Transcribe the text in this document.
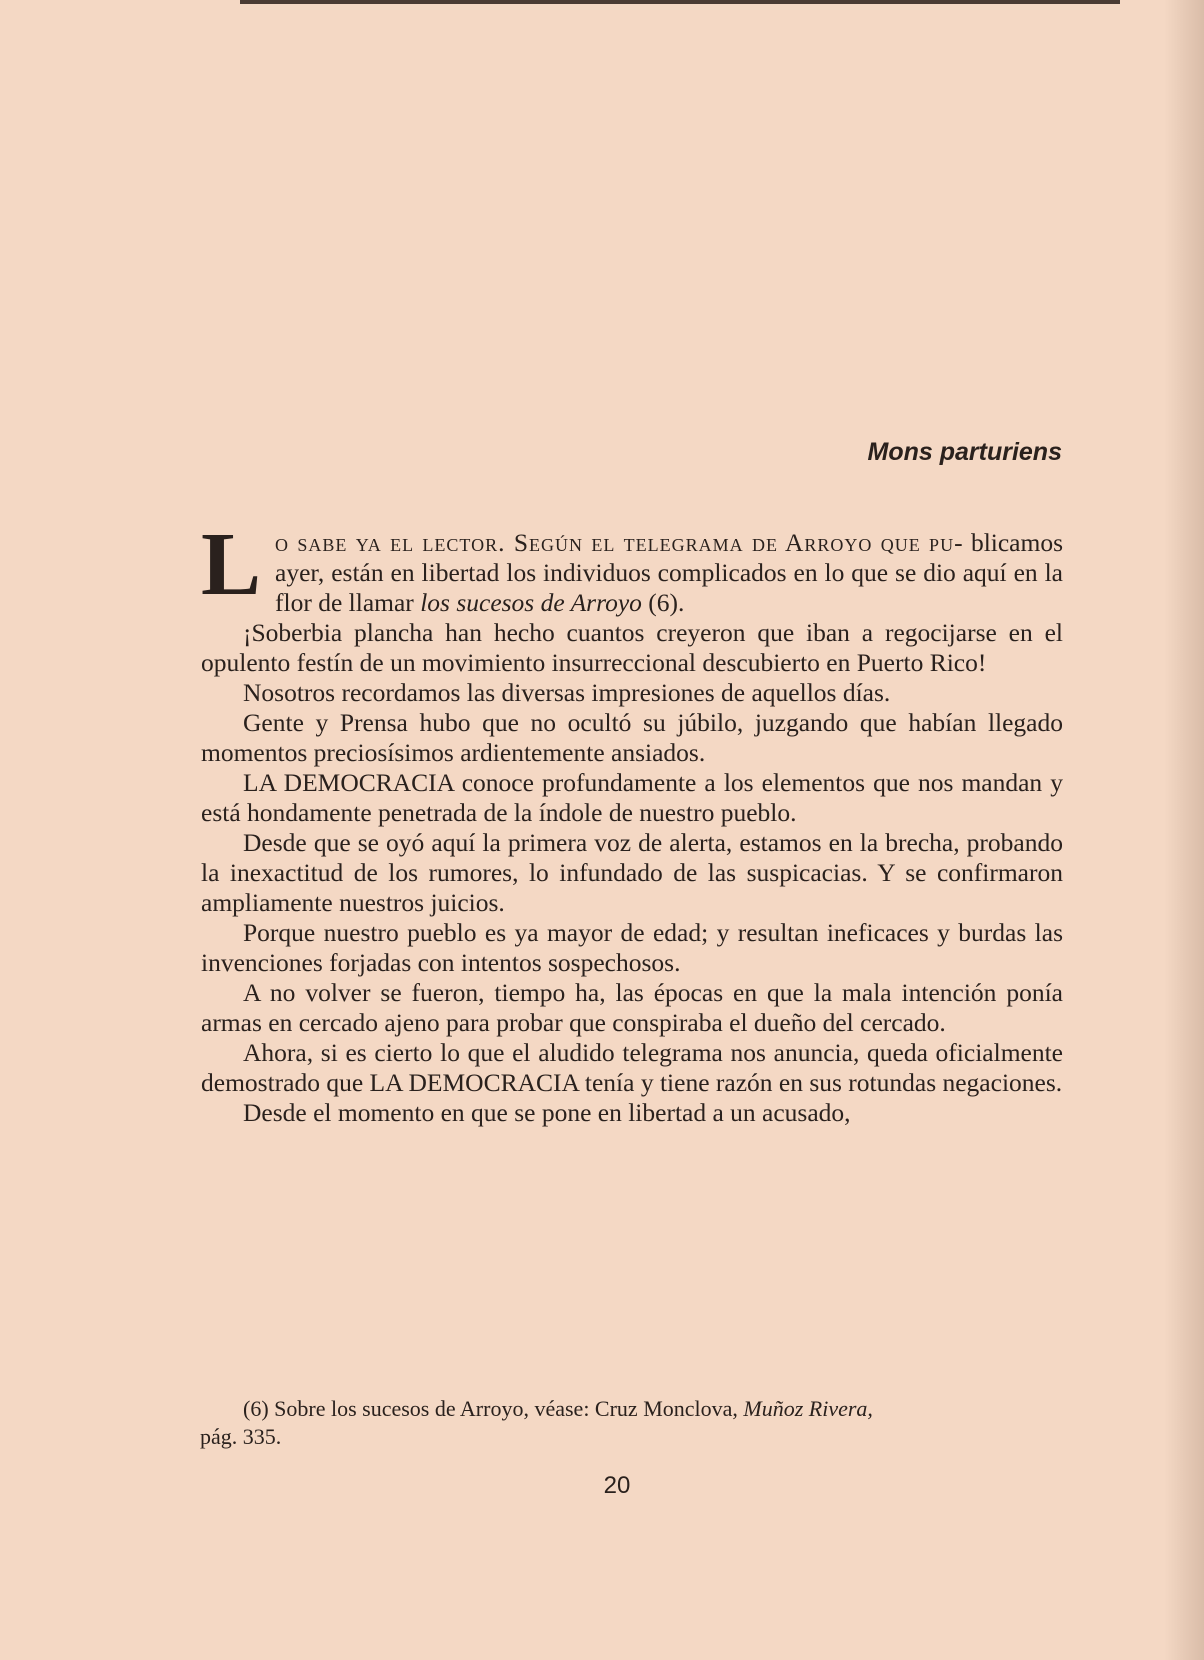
Mons parturiens

Lo sabe ya el lector. Según el telegrama de Arroyo que pu- blicamos ayer, están en libertad los individuos complicados en lo que se dio aquí en la flor de llamar los sucesos de Arroyo (6).

¡Soberbia plancha han hecho cuantos creyeron que iban a regocijarse en el opulento festín de un movimiento insurreccional descubierto en Puerto Rico!

Nosotros recordamos las diversas impresiones de aquellos días.

Gente y Prensa hubo que no ocultó su júbilo, juzgando que habían llegado momentos preciosísimos ardientemente ansiados.

LA DEMOCRACIA conoce profundamente a los elementos que nos mandan y está hondamente penetrada de la índole de nuestro pueblo.

Desde que se oyó aquí la primera voz de alerta, estamos en la brecha, probando la inexactitud de los rumores, lo infundado de las suspicacias. Y se confirmaron ampliamente nuestros juicios.

Porque nuestro pueblo es ya mayor de edad; y resultan ineficaces y burdas las invenciones forjadas con intentos sospechosos.

A no volver se fueron, tiempo ha, las épocas en que la mala intención ponía armas en cercado ajeno para probar que conspiraba el dueño del cercado.

Ahora, si es cierto lo que el aludido telegrama nos anuncia, queda oficialmente demostrado que LA DEMOCRACIA tenía y tiene razón en sus rotundas negaciones.

Desde el momento en que se pone en libertad a un acusado,

(6) Sobre los sucesos de Arroyo, véase: Cruz Monclova, Muñoz Rivera,
pág. 335.
20
